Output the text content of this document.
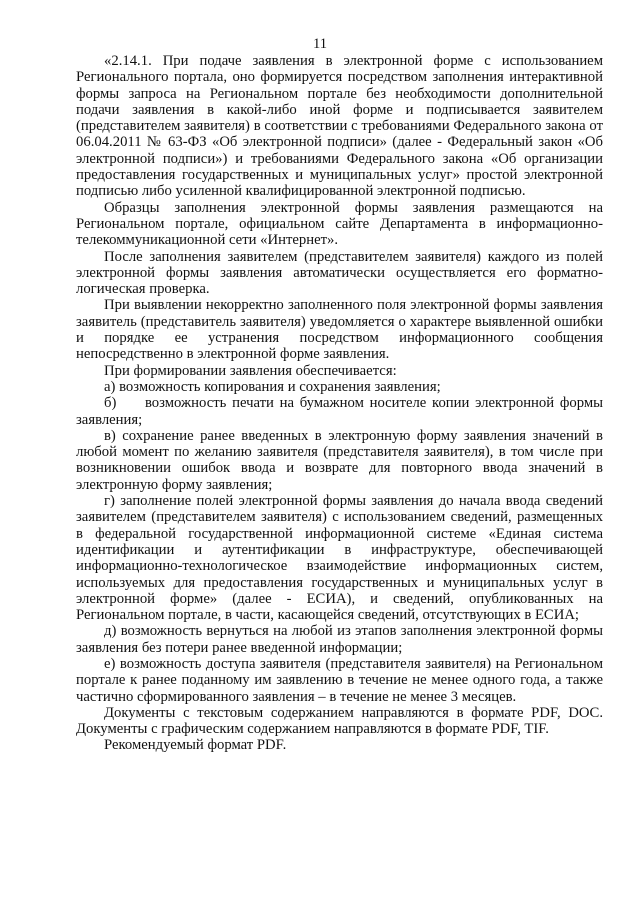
11

«2.14.1. При подаче заявления в электронной форме с использованием Регионального портала, оно формируется посредством заполнения интерактивной формы запроса на Региональном портале без необходимости дополнительной подачи заявления в какой-либо иной форме и подписывается заявителем (представителем заявителя) в соответствии с требованиями Федерального закона от 06.04.2011 № 63-ФЗ «Об электронной подписи» (далее - Федеральный закон «Об электронной подписи») и требованиями Федерального закона «Об организации предоставления государственных и муниципальных услуг» простой электронной подписью либо усиленной квалифицированной электронной подписью.

Образцы заполнения электронной формы заявления размещаются на Региональном портале, официальном сайте Департамента в информационно-телекоммуникационной сети «Интернет».

После заполнения заявителем (представителем заявителя) каждого из полей электронной формы заявления автоматически осуществляется его форматно-логическая проверка.

При выявлении некорректно заполненного поля электронной формы заявления заявитель (представитель заявителя) уведомляется о характере выявленной ошибки и порядке ее устранения посредством информационного сообщения непосредственно в электронной форме заявления.

При формировании заявления обеспечивается:

а) возможность копирования и сохранения заявления;

б)     возможность печати на бумажном носителе копии электронной формы заявления;

в) сохранение ранее введенных в электронную форму заявления значений в любой момент по желанию заявителя (представителя заявителя), в том числе при возникновении ошибок ввода и возврате для повторного ввода значений в электронную форму заявления;

г) заполнение полей электронной формы заявления до начала ввода сведений заявителем (представителем заявителя) с использованием сведений, размещенных в федеральной государственной информационной системе «Единая система идентификации и аутентификации в инфраструктуре, обеспечивающей информационно-технологическое взаимодействие информационных систем, используемых для предоставления государственных и муниципальных услуг в электронной форме» (далее - ЕСИА), и сведений, опубликованных на Региональном портале, в части, касающейся сведений, отсутствующих в ЕСИА;

д) возможность вернуться на любой из этапов заполнения электронной формы заявления без потери ранее введенной информации;

е) возможность доступа заявителя (представителя заявителя) на Региональном портале к ранее поданному им заявлению в течение не менее одного года, а также частично сформированного заявления – в течение не менее 3 месяцев.

Документы с текстовым содержанием направляются в формате PDF, DOC. Документы с графическим содержанием направляются в формате PDF, TIF.

Рекомендуемый формат PDF.
